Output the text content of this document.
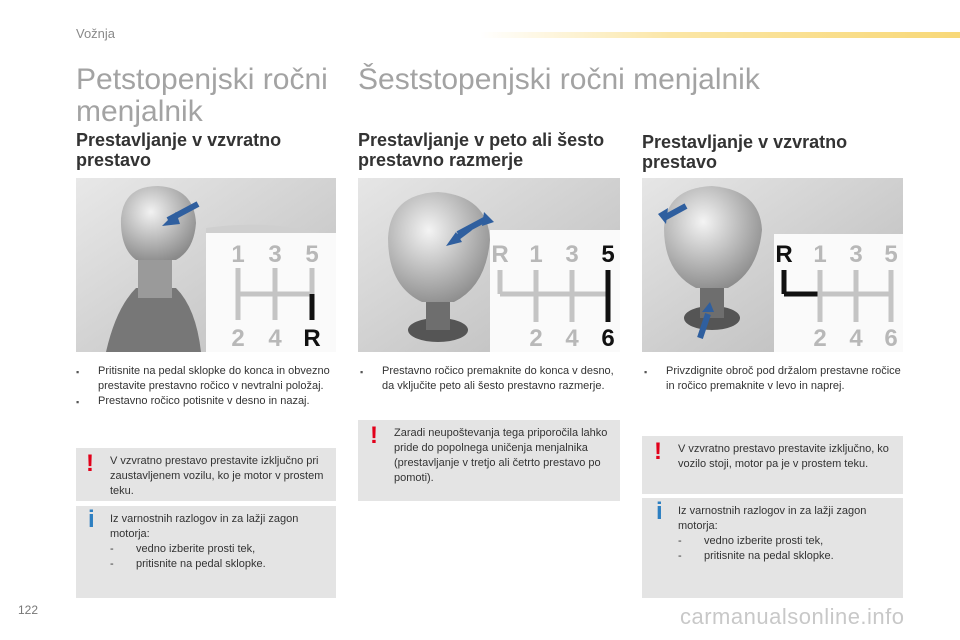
Vožnja
Petstopenjski ročni menjalnik
Šeststopenjski ročni menjalnik
Prestavljanje v vzvratno prestavo
1 3 5
2 4 R
▪ Pritisnite na pedal sklopke do konca in obvezno prestavite prestavno ročico v nevtralni položaj.
▪ Prestavno ročico potisnite v desno in nazaj.
! V vzvratno prestavo prestavite izključno pri zaustavljenem vozilu, ko je motor v prostem teku.
i Iz varnostnih razlogov in za lažji zagon motorja:
- vedno izberite prosti tek,
- pritisnite na pedal sklopke.
Prestavljanje v peto ali šesto prestavno razmerje
R 1 3 5
2 4 6
▪ Prestavno ročico premaknite do konca v desno, da vključite peto ali šesto prestavno razmerje.
! Zaradi neupoštevanja tega priporočila lahko pride do popolnega uničenja menjalnika (prestavljanje v tretjo ali četrto prestavo po pomoti).
Prestavljanje v vzvratno prestavo
R 1 3 5
2 4 6
▪ Privzdignite obroč pod držalom prestavne ročice in ročico premaknite v levo in naprej.
! V vzvratno prestavo prestavite izključno, ko vozilo stoji, motor pa je v prostem teku.
i Iz varnostnih razlogov in za lažji zagon motorja:
- vedno izberite prosti tek,
- pritisnite na pedal sklopke.
122	carmanualsonline.info
